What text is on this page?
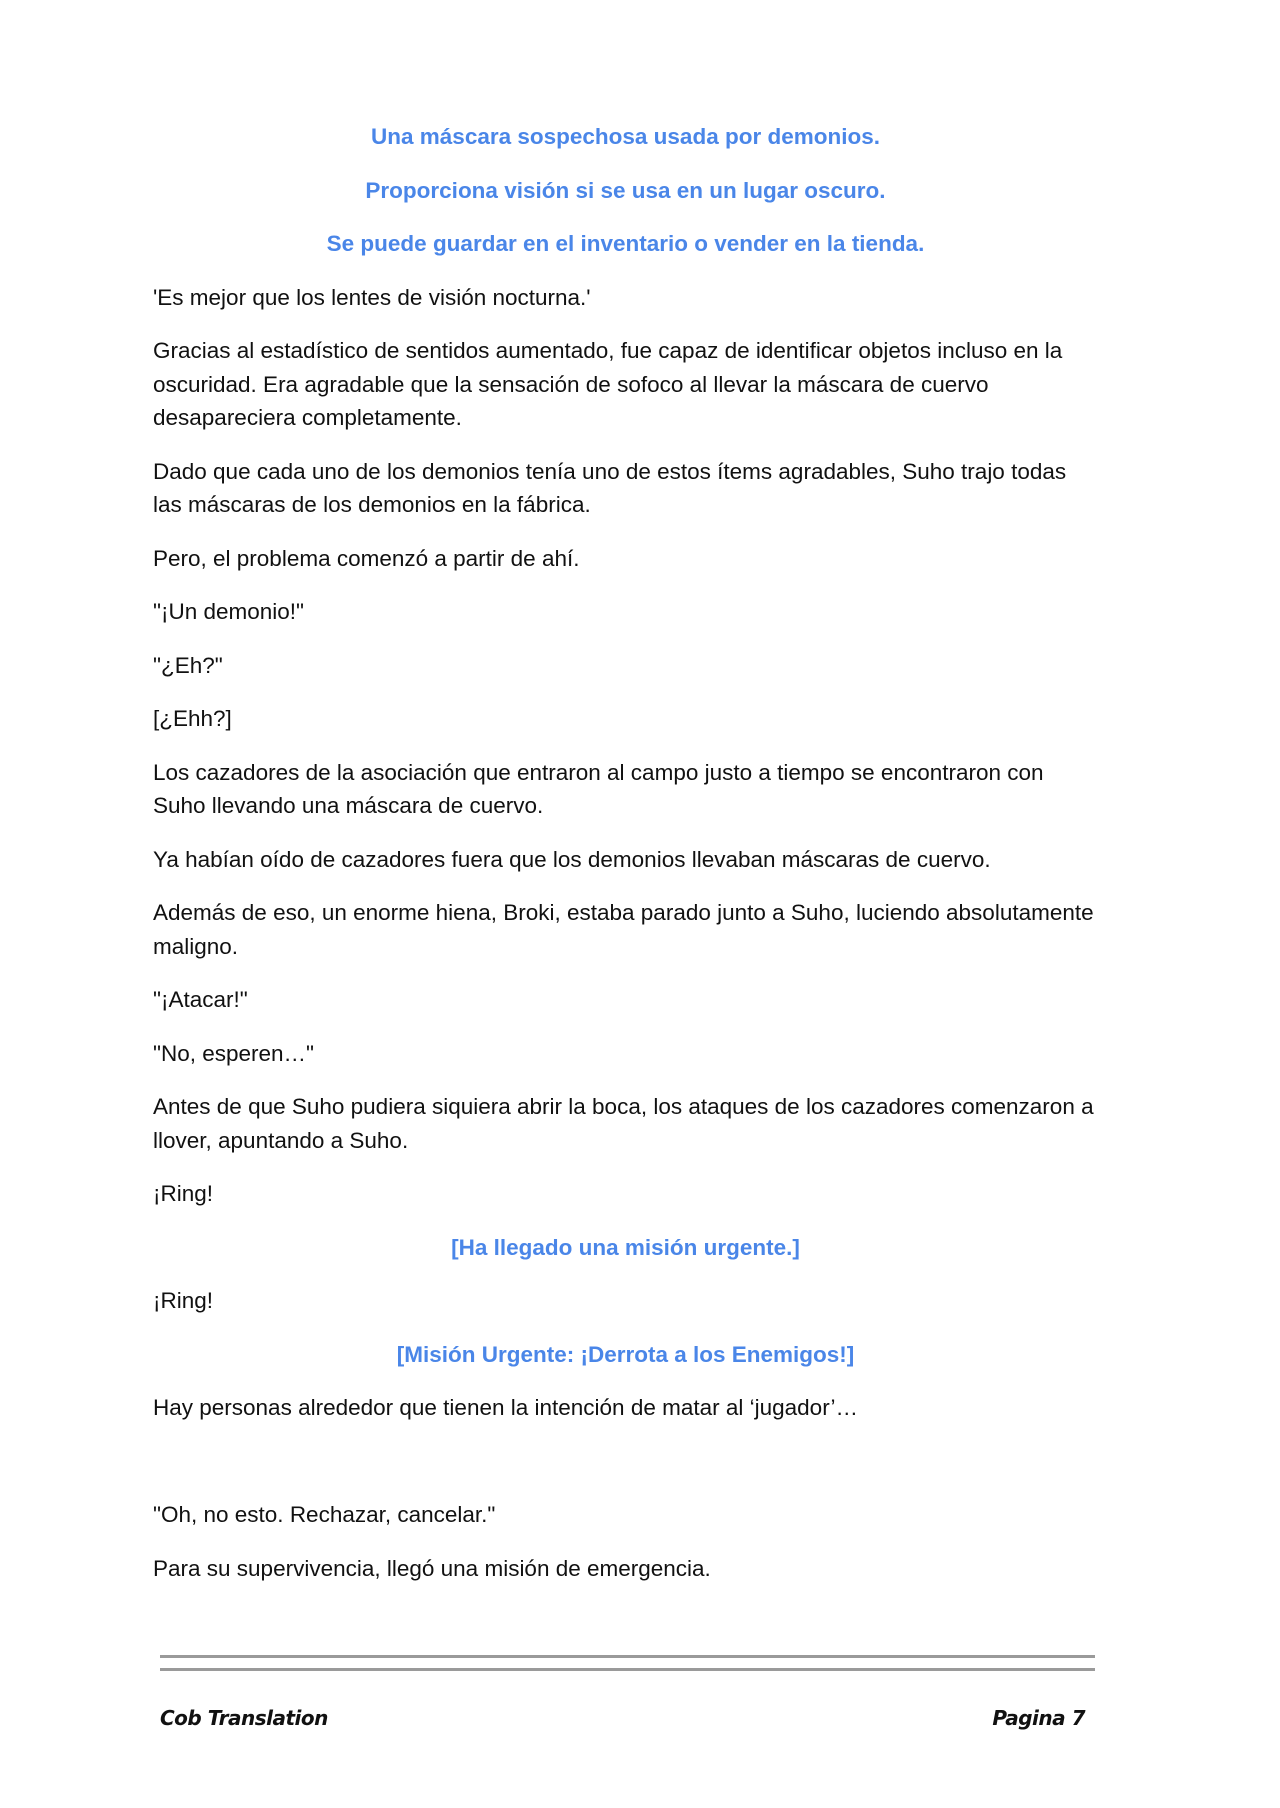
Una máscara sospechosa usada por demonios.

Proporciona visión si se usa en un lugar oscuro.

Se puede guardar en el inventario o vender en la tienda.

'Es mejor que los lentes de visión nocturna.'

Gracias al estadístico de sentidos aumentado, fue capaz de identificar objetos incluso en la oscuridad. Era agradable que la sensación de sofoco al llevar la máscara de cuervo desapareciera completamente.

Dado que cada uno de los demonios tenía uno de estos ítems agradables, Suho trajo todas las máscaras de los demonios en la fábrica.

Pero, el problema comenzó a partir de ahí.

"¡Un demonio!"

"¿Eh?"

[¿Ehh?]

Los cazadores de la asociación que entraron al campo justo a tiempo se encontraron con Suho llevando una máscara de cuervo.

Ya habían oído de cazadores fuera que los demonios llevaban máscaras de cuervo.

Además de eso, un enorme hiena, Broki, estaba parado junto a Suho, luciendo absolutamente maligno.

"¡Atacar!"

"No, esperen…"

Antes de que Suho pudiera siquiera abrir la boca, los ataques de los cazadores comenzaron a llover, apuntando a Suho.

¡Ring!

[Ha llegado una misión urgente.]

¡Ring!

[Misión Urgente: ¡Derrota a los Enemigos!]

Hay personas alrededor que tienen la intención de matar al ‘jugador’…

"Oh, no esto. Rechazar, cancelar."

Para su supervivencia, llegó una misión de emergencia.

Cob Translation	Pagina 7
